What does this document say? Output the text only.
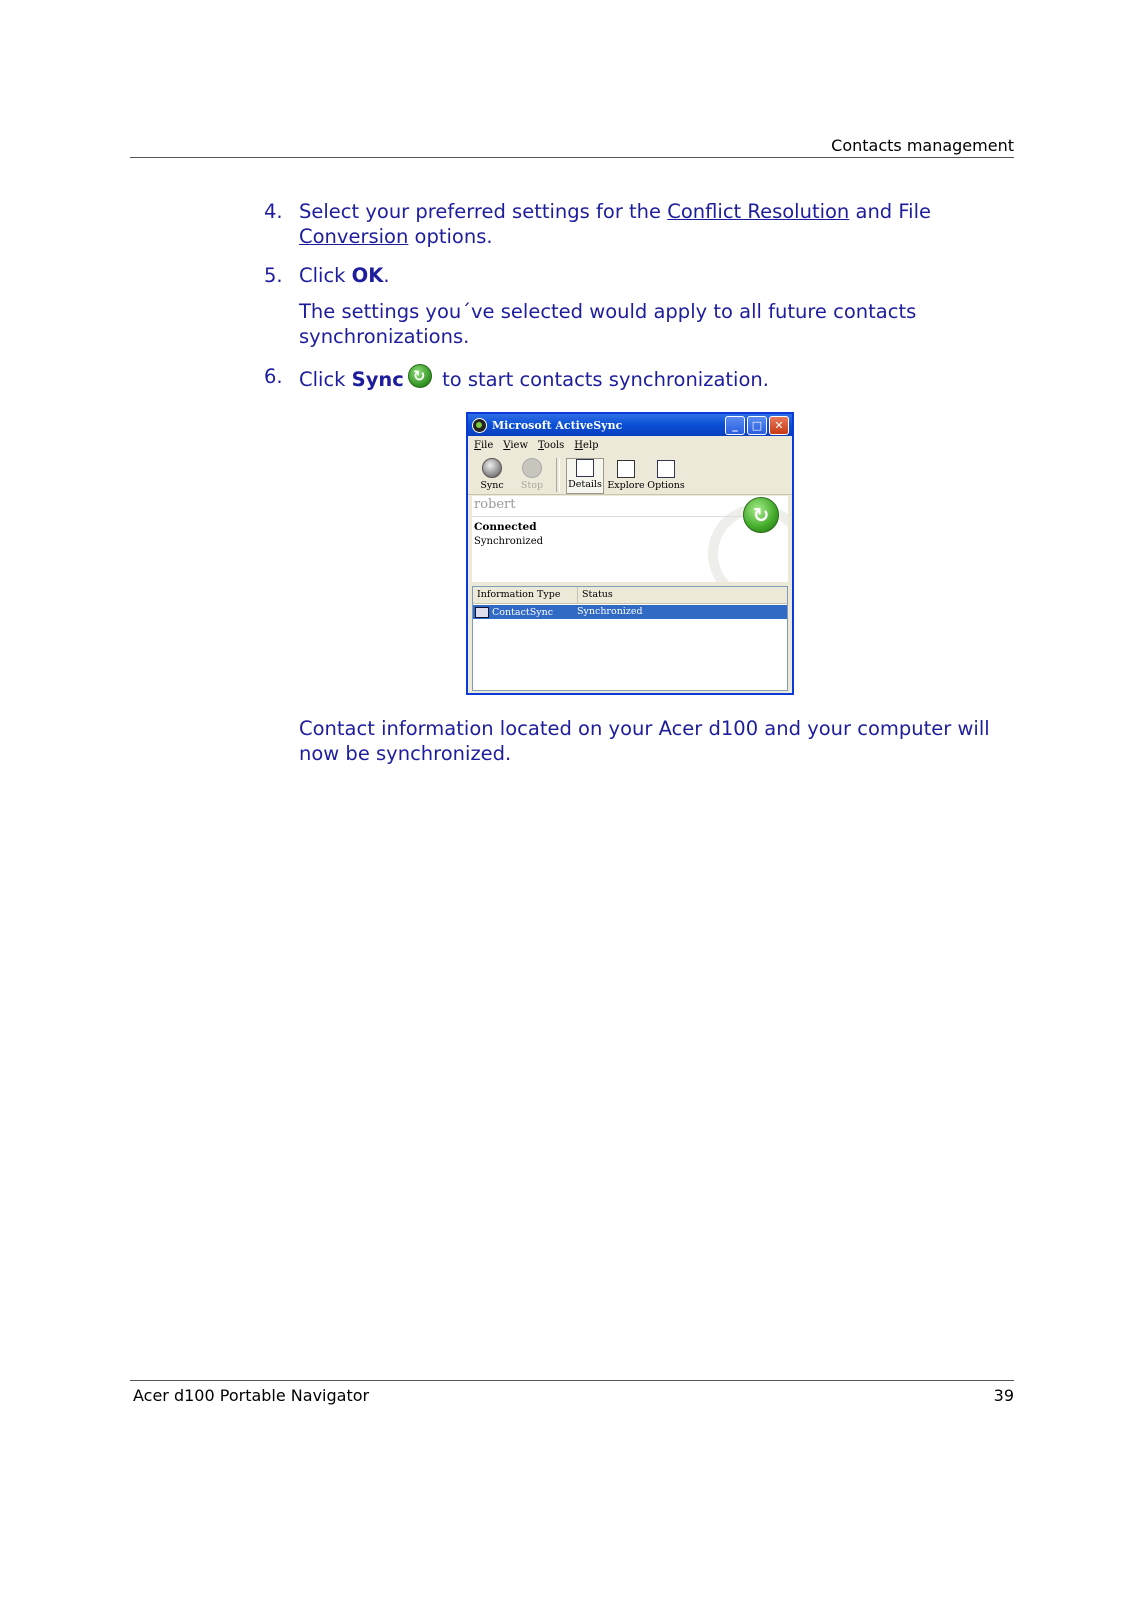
Contacts management
4. Select your preferred settings for the Conflict Resolution and File Conversion options.
5. Click OK.
The settings you´ve selected would apply to all future contacts synchronizations.
6. Click Sync↻ to start contacts synchronization.
Microsoft ActiveSync	_	□	✕
File View Tools Help
Sync Stop	Details Explore Options
robert
Connected
Synchronized
↻
Information Type	Status
ContactSync	Synchronized
Contact information located on your Acer d100 and your computer will now be synchronized.
Acer d100 Portable Navigator	39
